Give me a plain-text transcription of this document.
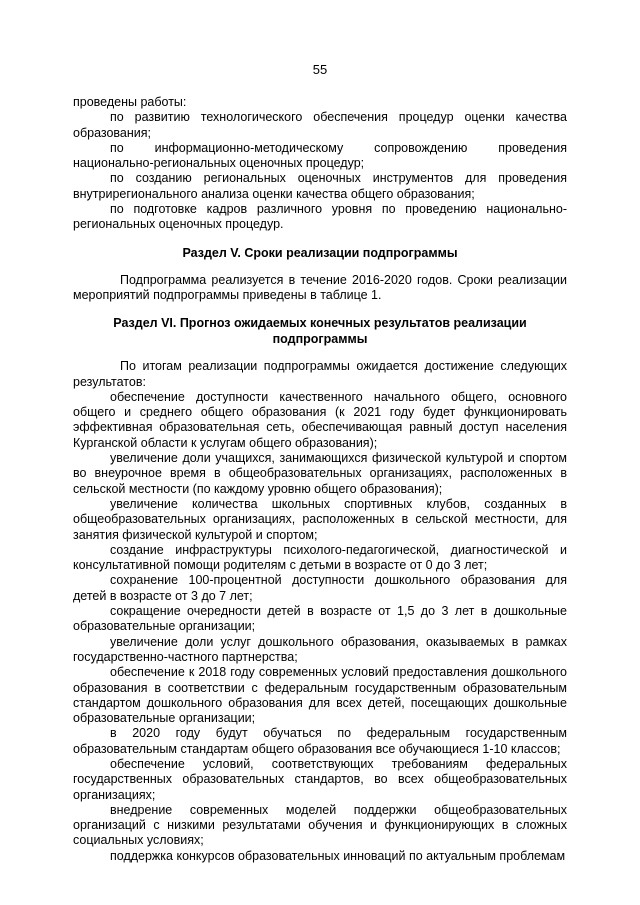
55

проведены работы:

по развитию технологического обеспечения процедур оценки качества образования;

по информационно-методическому сопровождению проведения национально-региональных оценочных процедур;

по созданию региональных оценочных инструментов для проведения внутрирегионального анализа оценки качества общего образования;

по подготовке кадров различного уровня по проведению национально-региональных оценочных процедур.

Раздел V. Сроки реализации подпрограммы

Подпрограмма реализуется в течение 2016-2020 годов. Сроки реализации мероприятий подпрограммы приведены в таблице 1.

Раздел VI. Прогноз ожидаемых конечных результатов реализации подпрограммы

По итогам реализации подпрограммы ожидается достижение следующих результатов:

обеспечение доступности качественного начального общего, основного общего и среднего общего образования (к 2021 году будет функционировать эффективная образовательная сеть, обеспечивающая равный доступ населения Курганской области к услугам общего образования);

увеличение доли учащихся, занимающихся физической культурой и спортом во внеурочное время в общеобразовательных организациях, расположенных в сельской местности (по каждому уровню общего образования);

увеличение количества школьных спортивных клубов, созданных в общеобразовательных организациях, расположенных в сельской местности, для занятия физической культурой и спортом;

создание инфраструктуры психолого-педагогической, диагностической и консультативной помощи родителям с детьми в возрасте от 0 до 3 лет;

сохранение 100-процентной доступности дошкольного образования для детей в возрасте от 3 до 7 лет;

сокращение очередности детей в возрасте от 1,5 до 3 лет в дошкольные образовательные организации;

увеличение доли услуг дошкольного образования, оказываемых в рамках государственно-частного партнерства;

обеспечение к 2018 году современных условий предоставления дошкольного образования в соответствии с федеральным государственным образовательным стандартом дошкольного образования для всех детей, посещающих дошкольные образовательные организации;

в 2020 году будут обучаться по федеральным государственным образовательным стандартам общего образования все обучающиеся 1-10 классов;

обеспечение условий, соответствующих требованиям федеральных государственных образовательных стандартов, во всех общеобразовательных организациях;

внедрение современных моделей поддержки общеобразовательных организаций с низкими результатами обучения и функционирующих в сложных социальных условиях;

поддержка конкурсов образовательных инноваций по актуальным проблемам
